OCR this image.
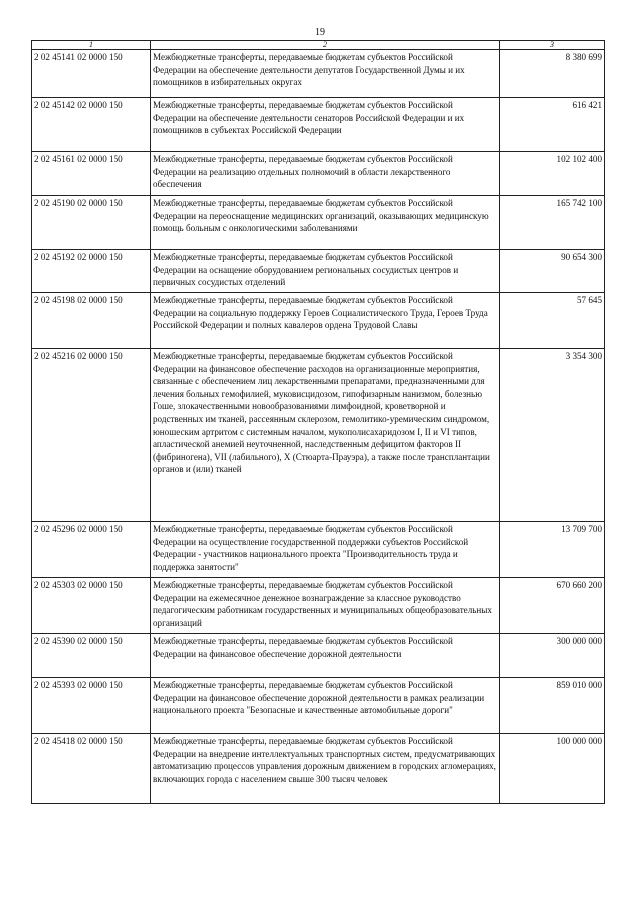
19
1	2	3
2 02 45141 02 0000 150	Межбюджетные трансферты, передаваемые бюджетам субъектов Российской Федерации на обеспечение деятельности депутатов Государственной Думы и их помощников в избирательных округах	8 380 699
2 02 45142 02 0000 150	Межбюджетные трансферты, передаваемые бюджетам субъектов Российской Федерации на обеспечение деятельности сенаторов Российской Федерации и их помощников в субъектах Российской Федерации	616 421
2 02 45161 02 0000 150	Межбюджетные трансферты, передаваемые бюджетам субъектов Российской Федерации на реализацию отдельных полномочий в области лекарственного обеспечения	102 102 400
2 02 45190 02 0000 150	Межбюджетные трансферты, передаваемые бюджетам субъектов Российской Федерации на переоснащение медицинских организаций, оказывающих медицинскую помощь больным с онкологическими заболеваниями	165 742 100
2 02 45192 02 0000 150	Межбюджетные трансферты, передаваемые бюджетам субъектов Российской Федерации на оснащение оборудованием региональных сосудистых центров и первичных сосудистых отделений	90 654 300
2 02 45198 02 0000 150	Межбюджетные трансферты, передаваемые бюджетам субъектов Российской Федерации на социальную поддержку Героев Социалистического Труда, Героев Труда Российской Федерации и полных кавалеров ордена Трудовой Славы	57 645
2 02 45216 02 0000 150	Межбюджетные трансферты, передаваемые бюджетам субъектов Российской Федерации на финансовое обеспечение расходов на организационные мероприятия, связанные с обеспечением лиц лекарственными препаратами, предназначенными для лечения больных гемофилией, муковисцидозом, гипофизарным нанизмом, болезнью Гоше, злокачественными новообразованиями лимфоидной, кроветворной и родственных им тканей, рассеянным склерозом, гемолитико-уремическим синдромом, юношеским артритом с системным началом, мукополисахаридозом I, II и VI типов, апластической анемией неуточненной, наследственным дефицитом факторов II (фибриногена), VII (лабильного), X (Стюарта-Прауэра), а также после трансплантации органов и (или) тканей	3 354 300
2 02 45296 02 0000 150	Межбюджетные трансферты, передаваемые бюджетам субъектов Российской Федерации на осуществление государственной поддержки субъектов Российской Федерации - участников национального проекта "Производительность труда и поддержка занятости"	13 709 700
2 02 45303 02 0000 150	Межбюджетные трансферты, передаваемые бюджетам субъектов Российской Федерации на ежемесячное денежное вознаграждение за классное руководство педагогическим работникам государственных и муниципальных общеобразовательных организаций	670 660 200
2 02 45390 02 0000 150	Межбюджетные трансферты, передаваемые бюджетам субъектов Российской Федерации на финансовое обеспечение дорожной деятельности	300 000 000
2 02 45393 02 0000 150	Межбюджетные трансферты, передаваемые бюджетам субъектов Российской Федерации на финансовое обеспечение дорожной деятельности в рамках реализации национального проекта "Безопасные и качественные автомобильные дороги"	859 010 000
2 02 45418 02 0000 150	Межбюджетные трансферты, передаваемые бюджетам субъектов Российской Федерации на внедрение интеллектуальных транспортных систем, предусматривающих автоматизацию процессов управления дорожным движением в городских агломерациях, включающих города с населением свыше 300 тысяч человек	100 000 000
